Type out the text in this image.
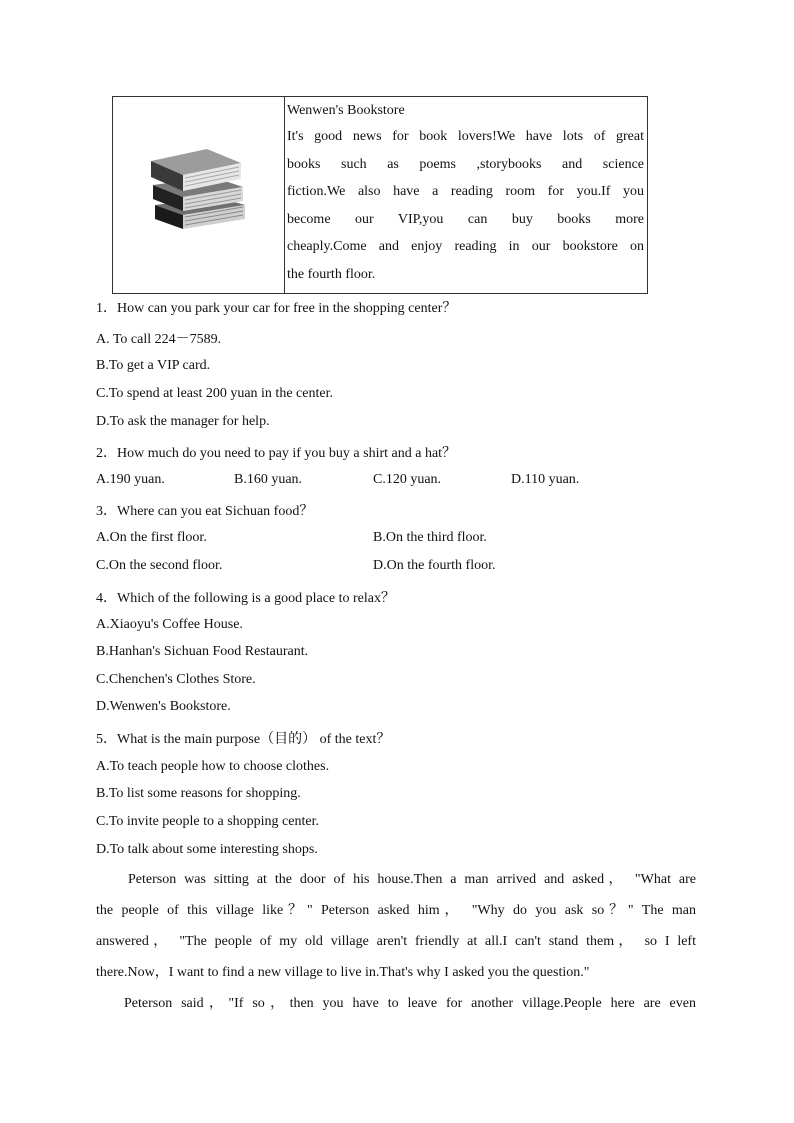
Wenwen's Bookstore
It's good news for book lovers!We have lots of great
books such as poems ,storybooks and science
fiction.We also have a reading room for you.If you
become our VIP,you can buy books more
cheaply.Come and enjoy reading in our bookstore on
the fourth floor.
1．How can you park your car for free in the shopping center？
A. To call 224－7589.
B.To get a VIP card.
C.To spend at least 200 yuan in the center.
D.To ask the manager for help.
2．How much do you need to pay if you buy a shirt and a hat？
A.190 yuan.	B.160 yuan.	C.120 yuan.	D.110 yuan.
3．Where can you eat Sichuan food？
A.On the first floor.	B.On the third floor.
C.On the second floor.	D.On the fourth floor.
4．Which of the following is a good place to relax？
A.Xiaoyu's Coffee House.
B.Hanhan's Sichuan Food Restaurant.
C.Chenchen's Clothes Store.
D.Wenwen's Bookstore.
5．What is the main purpose（目的） of the text？
A.To teach people how to choose clothes.
B.To list some reasons for shopping.
C.To invite people to a shopping center.
D.To talk about some interesting shops.
Peterson was sitting at the door of his house.Then a man arrived and asked， "What are
the people of this village like？" Peterson asked him， "Why do you ask so？" The man
answered， "The people of my old village aren't friendly at all.I can't stand them， so I left
there.Now，I want to find a new village to live in.That's why I asked you the question."
Peterson said，"If so，then you have to leave for another village.People here are even
